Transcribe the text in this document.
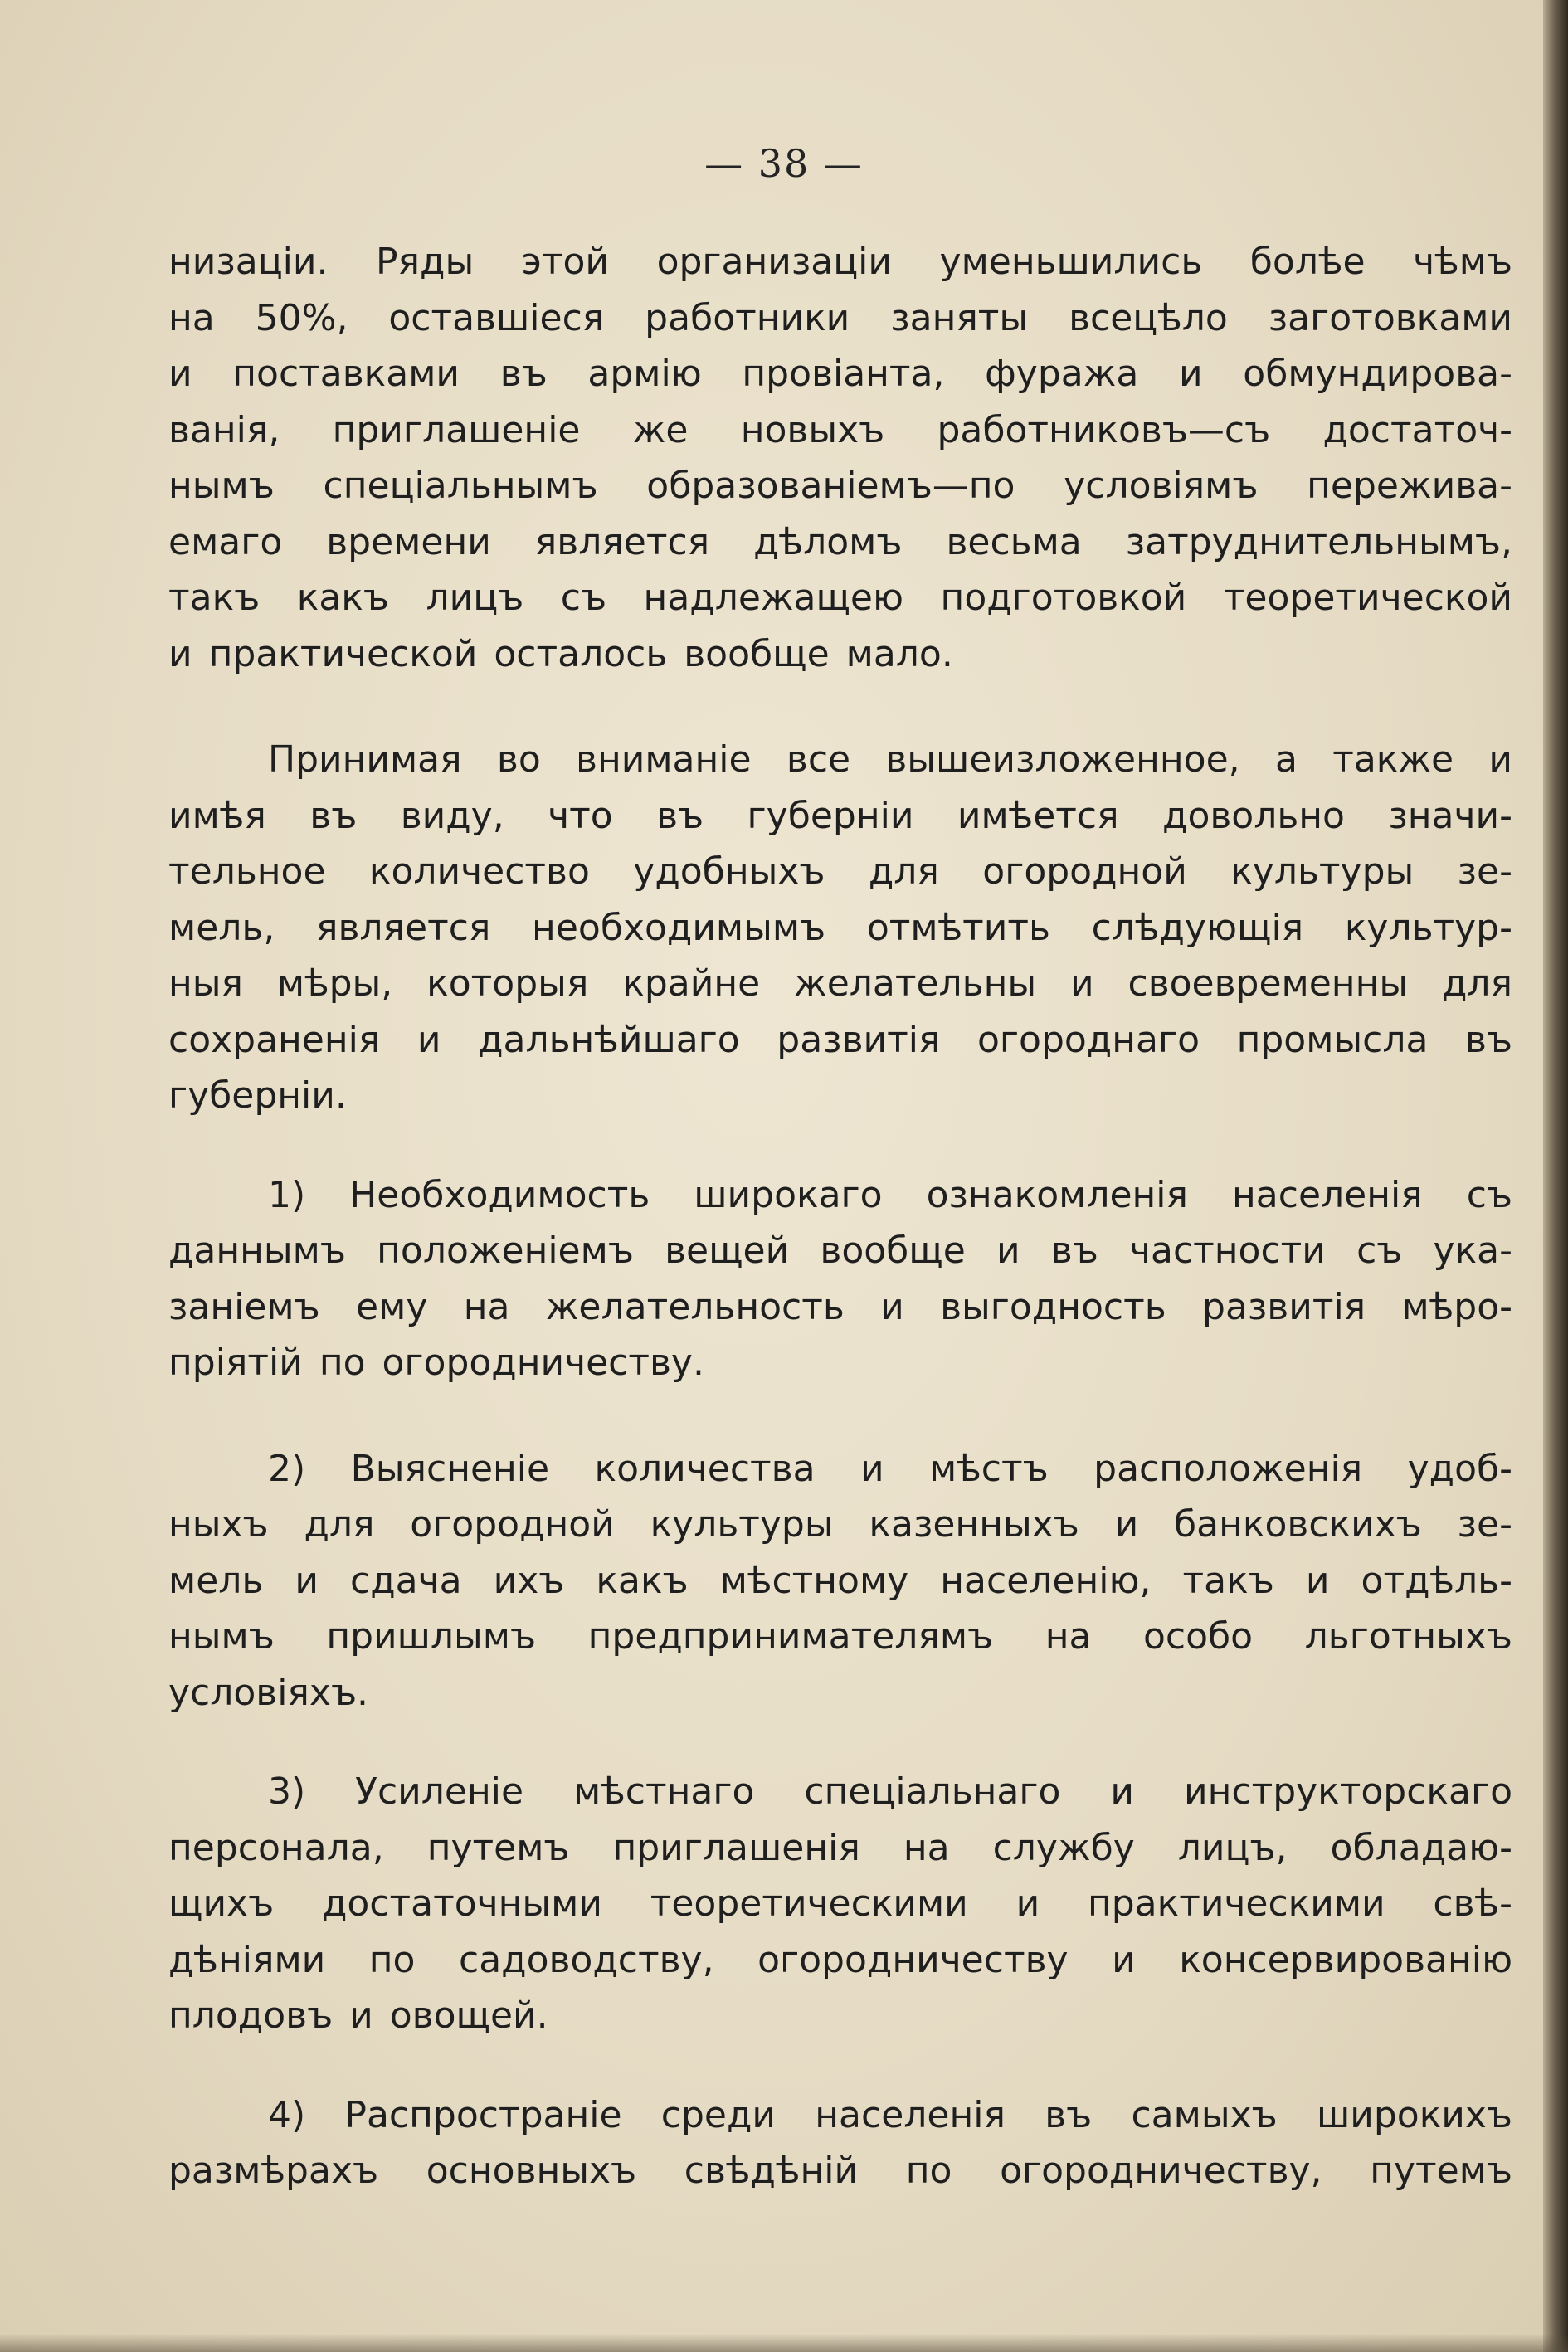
— 38 —
низаціи. Ряды этой организаціи уменьшились болѣе чѣмъ
на 50%, оставшіеся работники заняты всецѣло заготовками
и поставками въ армію провіанта, фуража и обмундирова-
ванія, приглашеніе же новыхъ работниковъ—съ достаточ-
нымъ спеціальнымъ образованіемъ—по условіямъ пережива-
емаго времени является дѣломъ весьма затруднительнымъ,
такъ какъ лицъ съ надлежащею подготовкой теоретической
и практической осталось вообще мало.
Принимая во вниманіе все вышеизложенное, а также и
имѣя въ виду, что въ губерніи имѣется довольно значи-
тельное количество удобныхъ для огородной культуры зе-
мель, является необходимымъ отмѣтить слѣдующія культур-
ныя мѣры, которыя крайне желательны и своевременны для
сохраненія и дальнѣйшаго развитія огороднаго промысла въ
губерніи.
1) Необходимость широкаго ознакомленія населенія съ
даннымъ положеніемъ вещей вообще и въ частности съ ука-
заніемъ ему на желательность и выгодность развитія мѣро-
пріятій по огородничеству.
2) Выясненіе количества и мѣстъ расположенія удоб-
ныхъ для огородной культуры казенныхъ и банковскихъ зе-
мель и сдача ихъ какъ мѣстному населенію, такъ и отдѣль-
нымъ пришлымъ предпринимателямъ на особо льготныхъ
условіяхъ.
3) Усиленіе мѣстнаго спеціальнаго и инструкторскаго
персонала, путемъ приглашенія на службу лицъ, обладаю-
щихъ достаточными теоретическими и практическими свѣ-
дѣніями по садоводству, огородничеству и консервированію
плодовъ и овощей.
4) Распространіе среди населенія въ самыхъ широкихъ
размѣрахъ основныхъ свѣдѣній по огородничеству, путемъ
